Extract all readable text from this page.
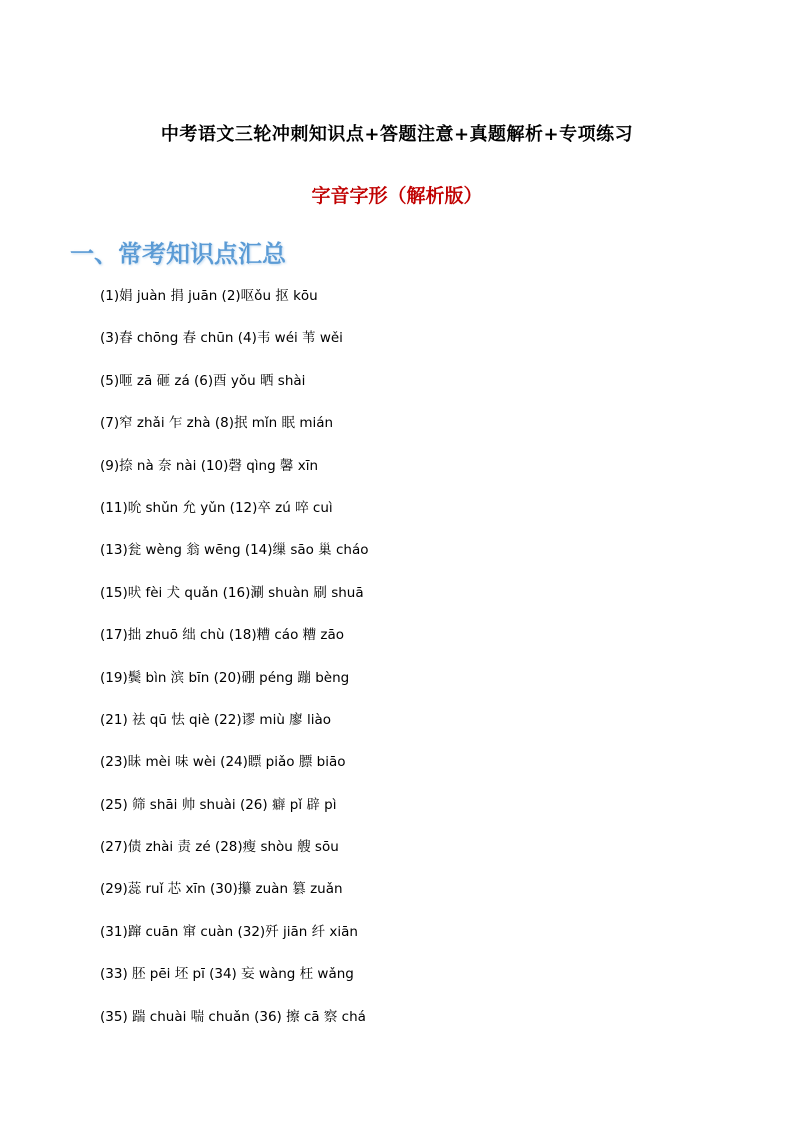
中考语文三轮冲刺知识点+答题注意+真题解析+专项练习
字音字形（解析版）
一、常考知识点汇总
(1)娟 juàn 捐 juān (2)呕ǒu 抠 kōu
(3)舂 chōng 春 chūn (4)韦 wéi 苇 wěi
(5)咂 zā 砸 zá (6)酉 yǒu 晒 shài
(7)窄 zhǎi 乍 zhà (8)抿 mǐn 眠 mián
(9)捺 nà 奈 nài (10)磬 qìng 馨 xīn
(11)吮 shǔn 允 yǔn (12)卒 zú 啐 cuì
(13)瓮 wèng 翁 wēng (14)缫 sāo 巢 cháo
(15)吠 fèi 犬 quǎn (16)涮 shuàn 刷 shuā
(17)拙 zhuō 绌 chù (18)糟 cáo 糟 zāo
(19)鬓 bìn 滨 bīn (20)硼 péng 蹦 bèng
(21) 祛 qū 怯 qiè (22)谬 miù 廖 liào
(23)昧 mèi 味 wèi (24)瞟 piǎo 膘 biāo
(25) 筛 shāi 帅 shuài (26) 癖 pǐ 辟 pì
(27)债 zhài 责 zé (28)瘦 shòu 艘 sōu
(29)蕊 ruǐ 芯 xīn (30)攥 zuàn 篡 zuǎn
(31)蹿 cuān 窜 cuàn (32)歼 jiān 纤 xiān
(33) 胚 pēi 坯 pī (34) 妄 wàng 枉 wǎng
(35) 踹 chuài 喘 chuǎn (36) 擦 cā 察 chá
